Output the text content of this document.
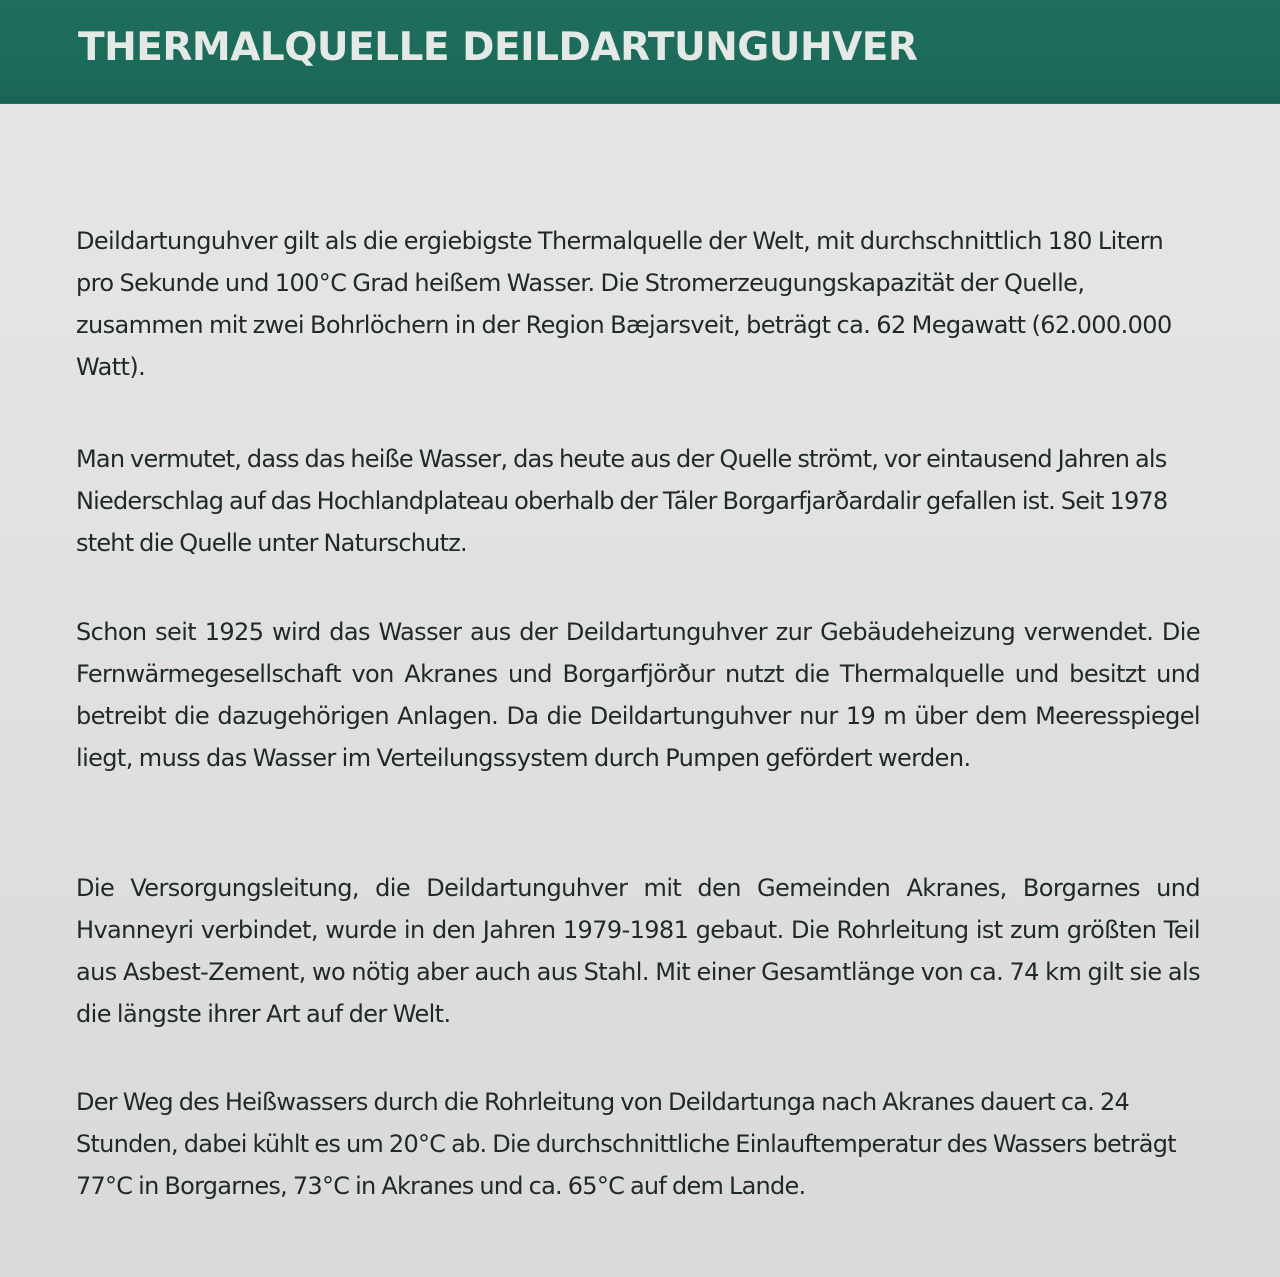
THERMALQUELLE DEILDARTUNGUHVER

Deildartunguhver gilt als die ergiebigste Thermalquelle der Welt, mit durchschnittlich 180 Litern pro Sekunde und 100°C Grad heißem Wasser. Die Stromerzeugungskapazität der Quelle, zusammen mit zwei Bohrlöchern in der Region Bæjarsveit, beträgt ca. 62 Megawatt (62.000.000 Watt).

Man vermutet, dass das heiße Wasser, das heute aus der Quelle strömt, vor eintausend Jahren als Niederschlag auf das Hochlandplateau oberhalb der Täler Borgarfjarðardalir gefallen ist. Seit 1978 steht die Quelle unter Naturschutz.

Schon seit 1925 wird das Wasser aus der Deildartunguhver zur Gebäudeheizung verwendet. Die Fernwärmegesellschaft von Akranes und Borgarfjörður nutzt die Thermalquelle und besitzt und betreibt die dazugehörigen Anlagen. Da die Deildartunguhver nur 19 m über dem Meeresspiegel liegt, muss das Wasser im Verteilungssystem durch Pumpen gefördert werden.

Die Versorgungsleitung, die Deildartunguhver mit den Gemeinden Akranes, Borgarnes und Hvanneyri verbindet, wurde in den Jahren 1979-1981 gebaut. Die Rohrleitung ist zum größten Teil aus Asbest-Zement, wo nötig aber auch aus Stahl. Mit einer Gesamtlänge von ca. 74 km gilt sie als die längste ihrer Art auf der Welt.

Der Weg des Heißwassers durch die Rohrleitung von Deildartunga nach Akranes dauert ca. 24 Stunden, dabei kühlt es um 20°C ab. Die durchschnittliche Einlauftemperatur des Wassers beträgt 77°C in Borgarnes, 73°C in Akranes und ca. 65°C auf dem Lande.
